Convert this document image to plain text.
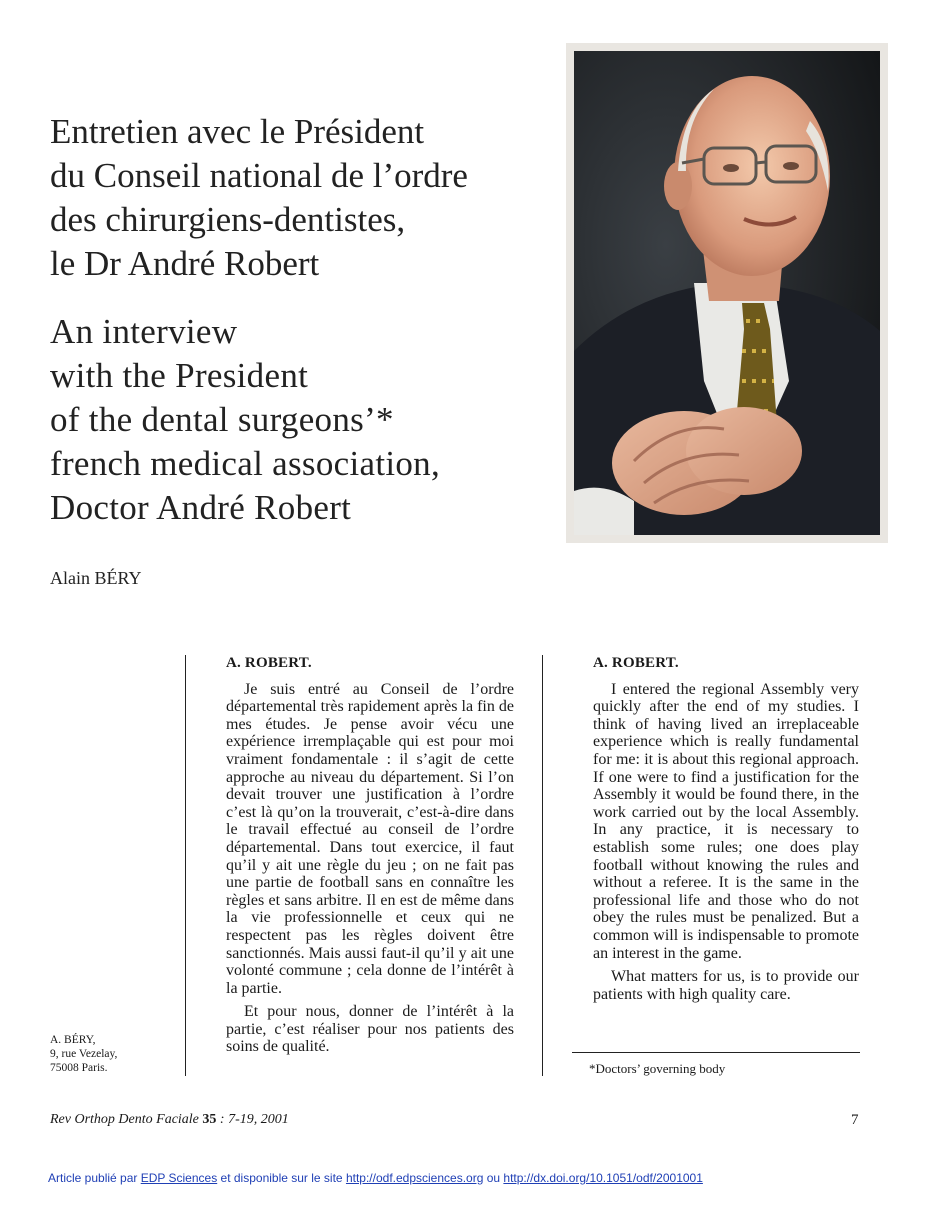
Entretien avec le Président
du Conseil national de l’ordre
des chirurgiens-dentistes,
le Dr André Robert
An interview
with the President
of the dental surgeons’*
french medical association,
Doctor André Robert
Alain BÉRY
A. ROBERT.

Je suis entré au Conseil de l’ordre départemental très rapidement après la fin de mes études. Je pense avoir vécu une expérience irremplaçable qui est pour moi vraiment fondamentale : il s’agit de cette approche au niveau du département. Si l’on devait trouver une justification à l’ordre c’est là qu’on la trouverait, c’est-à-dire dans le travail effectué au conseil de l’ordre départemental. Dans tout exercice, il faut qu’il y ait une règle du jeu ; on ne fait pas une partie de football sans en connaître les règles et sans arbitre. Il en est de même dans la vie professionnelle et ceux qui ne respectent pas les règles doivent être sanctionnés. Mais aussi faut-il qu’il y ait une volonté commune ; cela donne de l’intérêt à la partie.

Et pour nous, donner de l’intérêt à la partie, c’est réaliser pour nos patients des soins de qualité.

A. ROBERT.

I entered the regional Assembly very quickly after the end of my studies. I think of having lived an irreplaceable experience which is really fundamental for me: it is about this regional approach. If one were to find a justification for the Assembly it would be found there, in the work carried out by the local Assembly. In any practice, it is necessary to establish some rules; one does play football without knowing the rules and without a referee. It is the same in the professional life and those who do not obey the rules must be penalized. But a common will is indispensable to promote an interest in the game.

What matters for us, is to provide our patients with high quality care.

A. BÉRY,
9, rue Vezelay,
75008 Paris.	*Doctors’ governing body
Rev Orthop Dento Faciale 35 : 7-19, 2001	7
Article publié par EDP Sciences et disponible sur le site http://odf.edpsciences.org ou http://dx.doi.org/10.1051/odf/2001001
